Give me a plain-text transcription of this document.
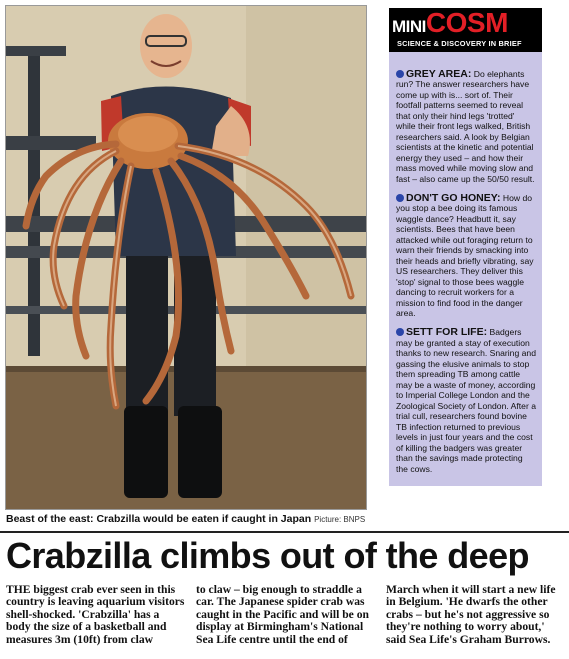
Beast of the east: Crabzilla would be eaten if caught in Japan Picture: BNPS
MINICOSM
SCIENCE & DISCOVERY IN BRIEF

GREY AREA: Do elephants run? The answer researchers have come up with is... sort of. Their footfall patterns seemed to reveal that only their hind legs 'trotted' while their front legs walked, British researchers said. A look by Belgian scientists at the kinetic and potential energy they used – and how their mass moved while moving slow and fast – also came up the 50/50 result.

DON'T GO HONEY: How do you stop a bee doing its famous waggle dance? Headbutt it, say scientists. Bees that have been attacked while out foraging return to warn their friends by smacking into their heads and briefly vibrating, say US researchers. They deliver this 'stop' signal to those bees waggle dancing to recruit workers for a mission to find food in the danger area.

SETT FOR LIFE: Badgers may be granted a stay of execution thanks to new research. Snaring and gassing the elusive animals to stop them spreading TB among cattle may be a waste of money, according to Imperial College London and the Zoological Society of London. After a trial cull, researchers found bovine TB infection returned to previous levels in just four years and the cost of killing the badgers was greater than the savings made protecting the cows.

Crabzilla climbs out of the deep
THE biggest crab ever seen in this country is leaving aquarium visitors shell-shocked. 'Crabzilla' has a body the size of a basketball and measures 3m (10ft) from claw
to claw – big enough to straddle a car. The Japanese spider crab was caught in the Pacific and will be on display at Birmingham's National Sea Life centre until the end of
March when it will start a new life in Belgium. 'He dwarfs the other crabs – but he's not aggressive so they're nothing to worry about,' said Sea Life's Graham Burrows.
